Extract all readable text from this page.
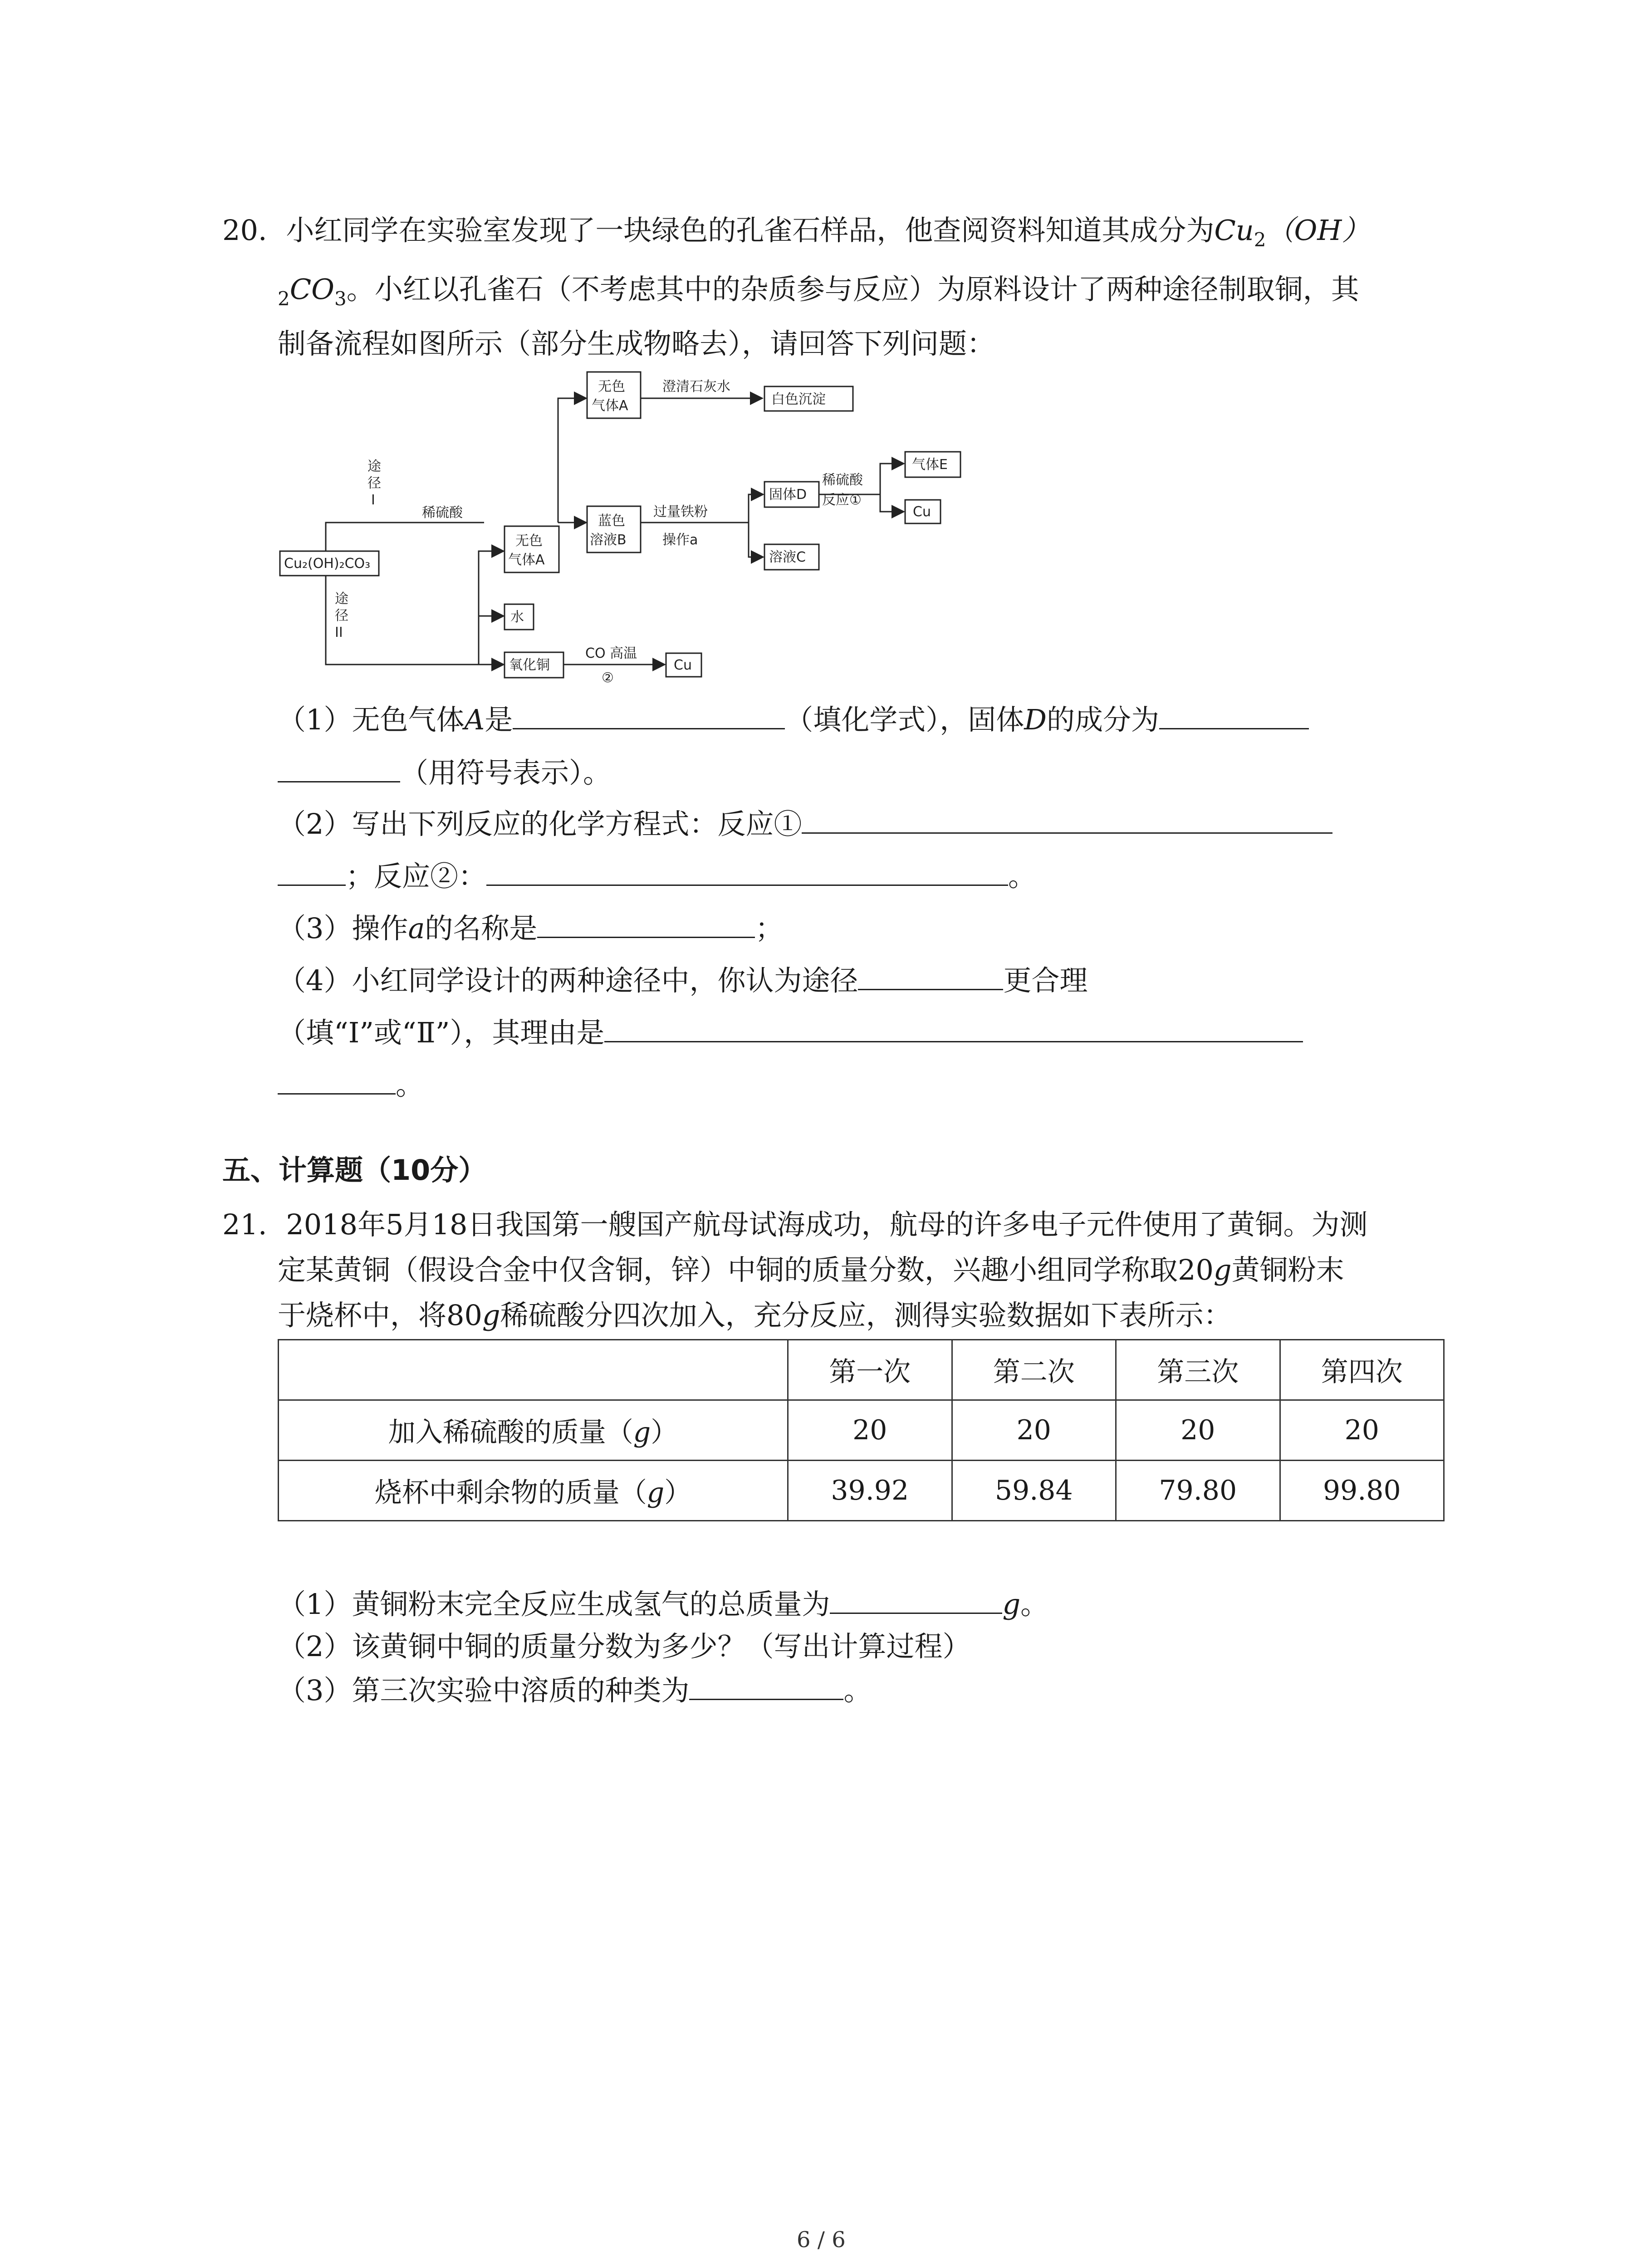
20. 小红同学在实验室发现了一块绿色的孔雀石样品，他查阅资料知道其成分为$Cu_2(OH)$
$_2CO_3$。小红以孔雀石（不考虑其中的杂质参与反应）为原料设计了两种途径制取铜，其
制备流程如图所示（部分生成物略去），请回答下列问题：
Cu₂(OH)₂CO₃
途
径
I
途
径
II
稀硫酸
无色
气体A
澄清石灰水
白色沉淀
蓝色
溶液B
无色
气体A
过量铁粉
操作a
固体D
稀硫酸
反应①
气体E
Cu
溶液C
水
氧化铜
CO 高温
②
Cu
（1）无色气体A是	（填化学式），固体D的成分为
（用符号表示）。
（2）写出下列反应的化学方程式：反应①
；反应②：	。
（3）操作a的名称是	；
（4）小红同学设计的两种途径中，你认为途径	更合理
（填“Ⅰ”或“Ⅱ”），其理由是
。
五、计算题（10分）
21. 2018年5月18日我国第一艘国产航母试海成功，航母的许多电子元件使用了黄铜。为测
定某黄铜（假设合金中仅含铜，锌）中铜的质量分数，兴趣小组同学称取20g黄铜粉末
于烧杯中，将80g稀硫酸分四次加入，充分反应，测得实验数据如下表所示：
	第一次	第二次	第三次	第四次
加入稀硫酸的质量（g）	20	20	20	20
烧杯中剩余物的质量（g）	39.92	59.84	79.80	99.80
（1）黄铜粉末完全反应生成氢气的总质量为	g。
（2）该黄铜中铜的质量分数为多少？（写出计算过程）
（3）第三次实验中溶质的种类为	。
6 / 6
